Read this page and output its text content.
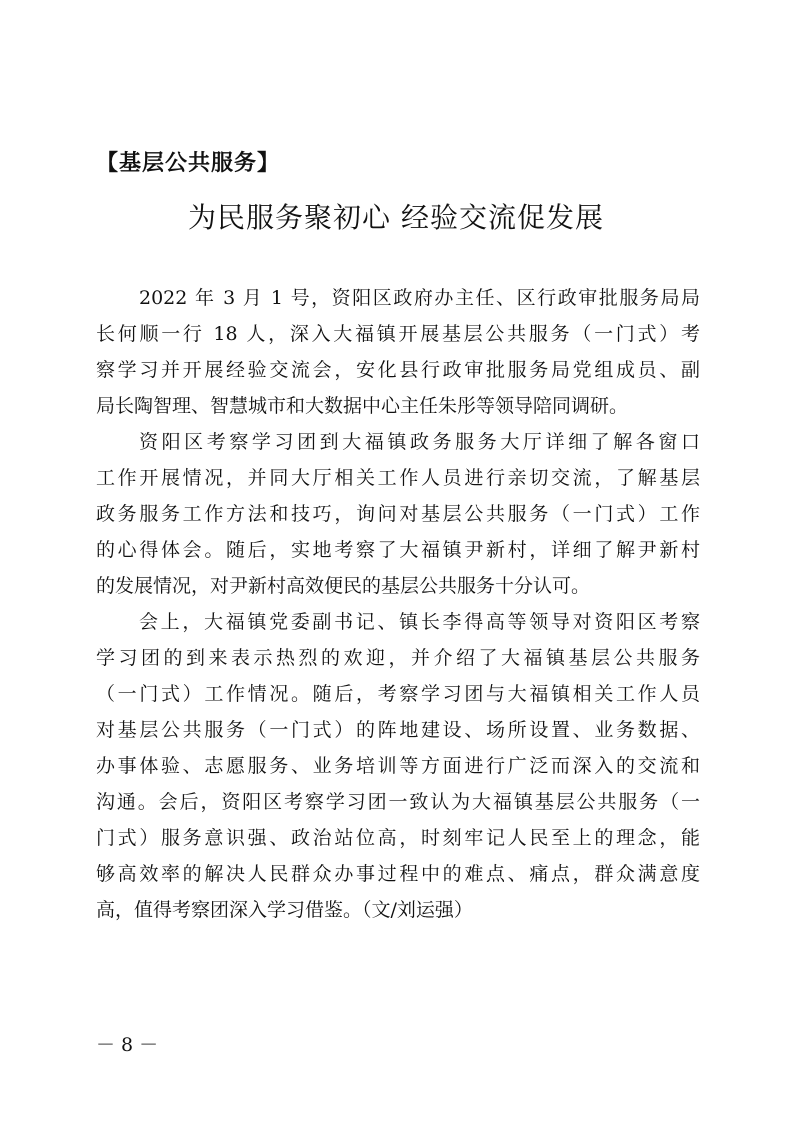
【基层公共服务】
为民服务聚初心 经验交流促发展
2022 年 3 月 1 号，资阳区政府办主任、区行政审批服务局局
长何顺一行 18 人，深入大福镇开展基层公共服务（一门式）考
察学习并开展经验交流会，安化县行政审批服务局党组成员、副
局长陶智理、智慧城市和大数据中心主任朱彤等领导陪同调研。
资阳区考察学习团到大福镇政务服务大厅详细了解各窗口
工作开展情况，并同大厅相关工作人员进行亲切交流，了解基层
政务服务工作方法和技巧，询问对基层公共服务（一门式）工作
的心得体会。随后，实地考察了大福镇尹新村，详细了解尹新村
的发展情况，对尹新村高效便民的基层公共服务十分认可。
会上，大福镇党委副书记、镇长李得高等领导对资阳区考察
学习团的到来表示热烈的欢迎，并介绍了大福镇基层公共服务
（一门式）工作情况。随后，考察学习团与大福镇相关工作人员
对基层公共服务（一门式）的阵地建设、场所设置、业务数据、
办事体验、志愿服务、业务培训等方面进行广泛而深入的交流和
沟通。会后，资阳区考察学习团一致认为大福镇基层公共服务（一
门式）服务意识强、政治站位高，时刻牢记人民至上的理念，能
够高效率的解决人民群众办事过程中的难点、痛点，群众满意度
高，值得考察团深入学习借鉴。（文/刘运强）
－ 8 －
